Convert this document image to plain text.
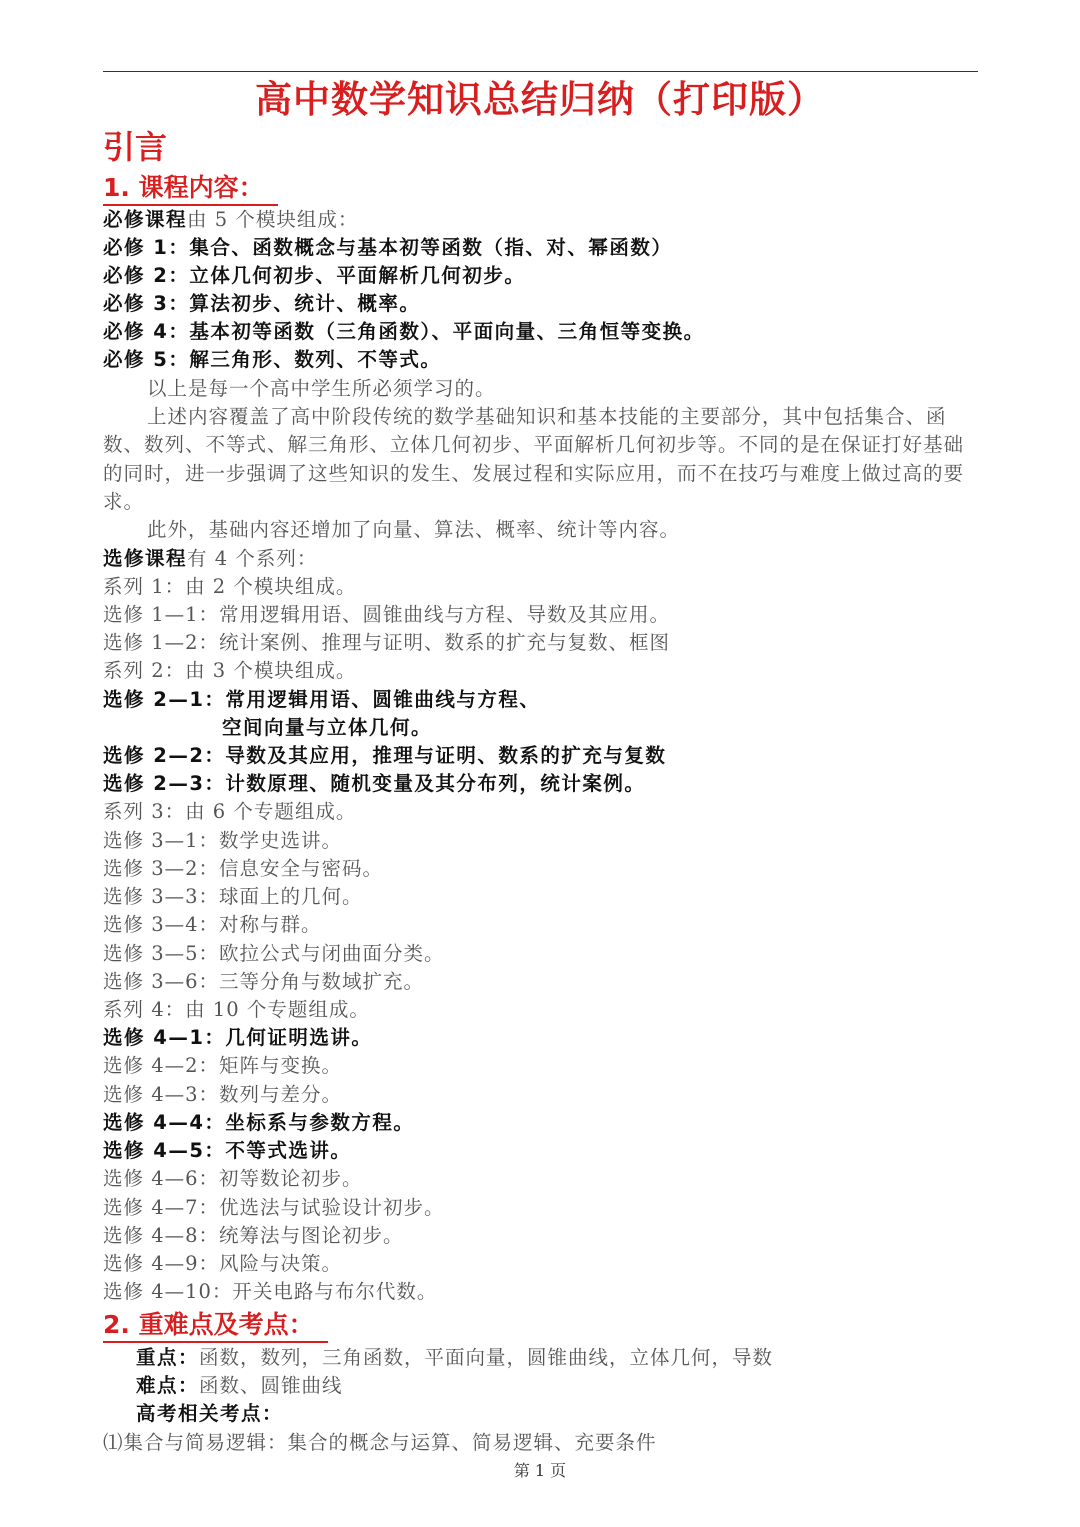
高中数学知识总结归纳（打印版）
引言
1. 课程内容：
必修课程由 5 个模块组成：
必修 1：集合、函数概念与基本初等函数（指、对、幂函数）
必修 2：立体几何初步、平面解析几何初步。
必修 3：算法初步、统计、概率。
必修 4：基本初等函数（三角函数）、平面向量、三角恒等变换。
必修 5：解三角形、数列、不等式。
以上是每一个高中学生所必须学习的。
上述内容覆盖了高中阶段传统的数学基础知识和基本技能的主要部分，其中包括集合、函数、数列、不等式、解三角形、立体几何初步、平面解析几何初步等。不同的是在保证打好基础的同时，进一步强调了这些知识的发生、发展过程和实际应用，而不在技巧与难度上做过高的要求。
此外，基础内容还增加了向量、算法、概率、统计等内容。
选修课程有 4 个系列：
系列 1：由 2 个模块组成。
选修 1—1：常用逻辑用语、圆锥曲线与方程、导数及其应用。
选修 1—2：统计案例、推理与证明、数系的扩充与复数、框图
系列 2：由 3 个模块组成。
选修 2—1：常用逻辑用语、圆锥曲线与方程、
空间向量与立体几何。
选修 2—2：导数及其应用，推理与证明、数系的扩充与复数
选修 2—3：计数原理、随机变量及其分布列，统计案例。
系列 3：由 6 个专题组成。
选修 3—1：数学史选讲。
选修 3—2：信息安全与密码。
选修 3—3：球面上的几何。
选修 3—4：对称与群。
选修 3—5：欧拉公式与闭曲面分类。
选修 3—6：三等分角与数域扩充。
系列 4：由 10 个专题组成。
选修 4—1：几何证明选讲。
选修 4—2：矩阵与变换。
选修 4—3：数列与差分。
选修 4—4：坐标系与参数方程。
选修 4—5：不等式选讲。
选修 4—6：初等数论初步。
选修 4—7：优选法与试验设计初步。
选修 4—8：统筹法与图论初步。
选修 4—9：风险与决策。
选修 4—10：开关电路与布尔代数。
2. 重难点及考点：
重点：函数，数列，三角函数，平面向量，圆锥曲线，立体几何，导数
难点：函数、圆锥曲线
高考相关考点：
⑴集合与简易逻辑：集合的概念与运算、简易逻辑、充要条件
第 1 页
